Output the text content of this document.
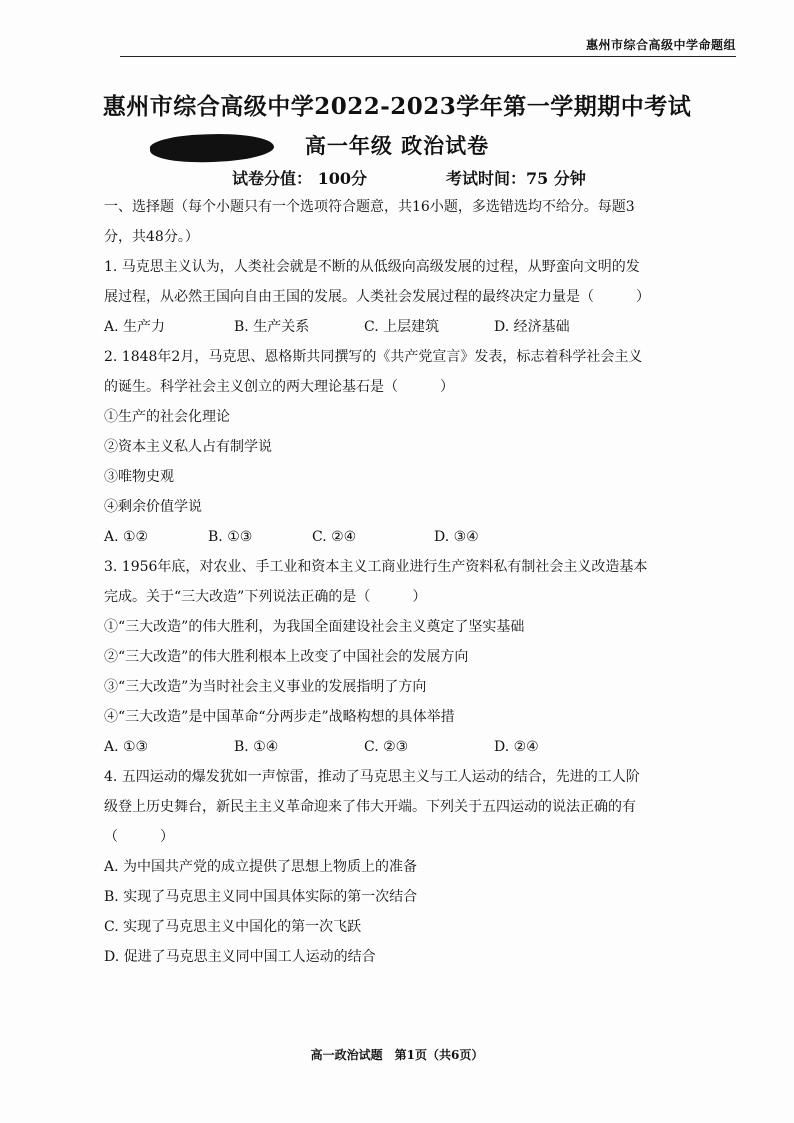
惠州市综合高级中学命题组
惠州市综合高级中学2022-2023学年第一学期期中考试
高一年级 政治试卷
试卷分值： 100分	考试时间：75 分钟

一、选择题（每个小题只有一个选项符合题意，共16小题，多选错选均不给分。每题3

分，共48分。）

1. 马克思主义认为，人类社会就是不断的从低级向高级发展的过程，从野蛮向文明的发

展过程，从必然王国向自由王国的发展。人类社会发展过程的最终决定力量是（　　　）

A. 生产力	B. 生产关系	C. 上层建筑	D. 经济基础

2. 1848年2月，马克思、恩格斯共同撰写的《共产党宣言》发表，标志着科学社会主义

的诞生。科学社会主义创立的两大理论基石是（　　　）

①生产的社会化理论

②资本主义私人占有制学说

③唯物史观

④剩余价值学说

A. ①②	B. ①③	C. ②④	D. ③④

3. 1956年底，对农业、手工业和资本主义工商业进行生产资料私有制社会主义改造基本

完成。关于“三大改造”下列说法正确的是（　　　）

①“三大改造”的伟大胜利，为我国全面建设社会主义奠定了坚实基础

②“三大改造”的伟大胜利根本上改变了中国社会的发展方向

③“三大改造”为当时社会主义事业的发展指明了方向

④“三大改造”是中国革命“分两步走”战略构想的具体举措

A. ①③	B. ①④	C. ②③	D. ②④

4. 五四运动的爆发犹如一声惊雷，推动了马克思主义与工人运动的结合，先进的工人阶

级登上历史舞台，新民主主义革命迎来了伟大开端。下列关于五四运动的说法正确的有

（　　　）

A. 为中国共产党的成立提供了思想上物质上的准备

B. 实现了马克思主义同中国具体实际的第一次结合

C. 实现了马克思主义中国化的第一次飞跃

D. 促进了马克思主义同中国工人运动的结合

高一政治试题　第1页（共6页）
